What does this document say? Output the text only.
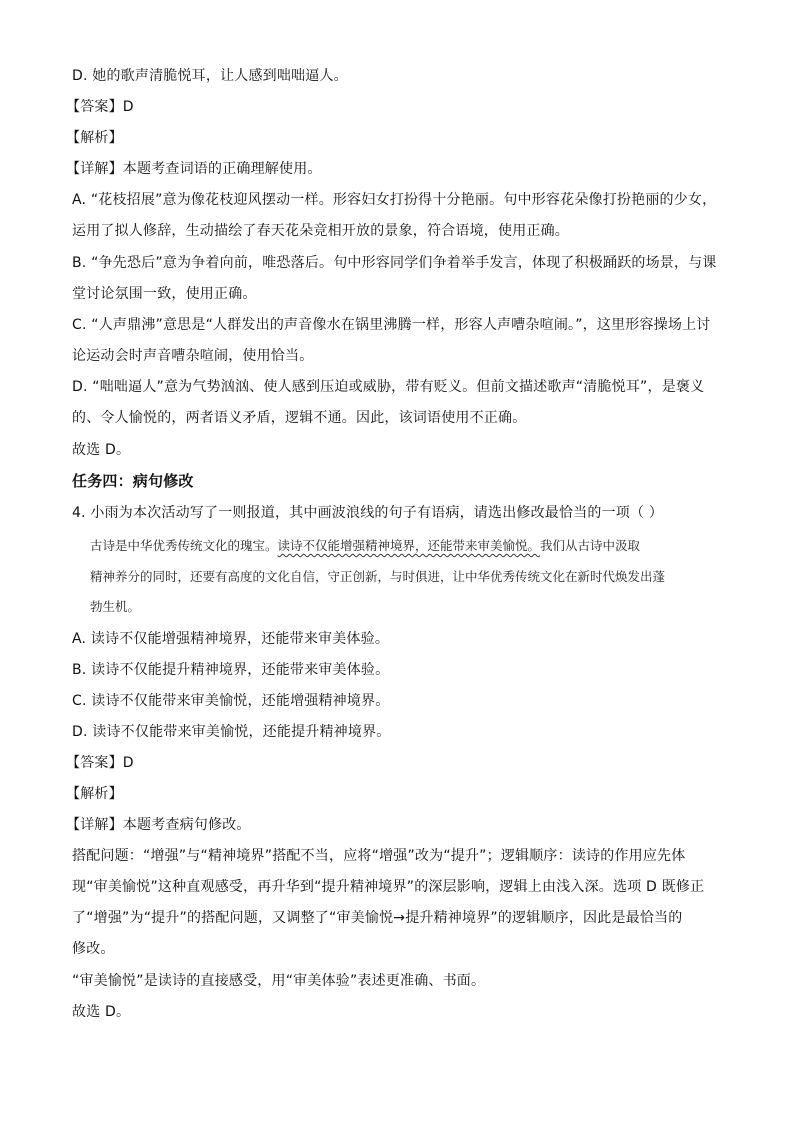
D. 她的歌声清脆悦耳，让人感到咄咄逼人。
【答案】D
【解析】
【详解】本题考查词语的正确理解使用。
A. “花枝招展”意为像花枝迎风摆动一样。形容妇女打扮得十分艳丽。句中形容花朵像打扮艳丽的少女，
运用了拟人修辞，生动描绘了春天花朵竞相开放的景象，符合语境，使用正确。
B. “争先恐后”意为争着向前，唯恐落后。句中形容同学们争着举手发言，体现了积极踊跃的场景，与课
堂讨论氛围一致，使用正确。
C. “人声鼎沸”意思是“人群发出的声音像水在锅里沸腾一样，形容人声嘈杂喧闹。”，这里形容操场上讨
论运动会时声音嘈杂喧闹，使用恰当。
D. “咄咄逼人”意为气势汹汹、使人感到压迫或威胁，带有贬义。但前文描述歌声“清脆悦耳”，是褒义
的、令人愉悦的，两者语义矛盾，逻辑不通。因此，该词语使用不正确。
故选 D。
任务四：病句修改
4. 小雨为本次活动写了一则报道，其中画波浪线的句子有语病，请选出修改最恰当的一项（ ）
古诗是中华优秀传统文化的瑰宝。读诗不仅能增强精神境界，还能带来审美愉悦。我们从古诗中汲取
精神养分的同时，还要有高度的文化自信，守正创新，与时俱进，让中华优秀传统文化在新时代焕发出蓬
勃生机。
A. 读诗不仅能增强精神境界，还能带来审美体验。
B. 读诗不仅能提升精神境界，还能带来审美体验。
C. 读诗不仅能带来审美愉悦，还能增强精神境界。
D. 读诗不仅能带来审美愉悦，还能提升精神境界。
【答案】D
【解析】
【详解】本题考查病句修改。
搭配问题：“增强”与“精神境界”搭配不当，应将“增强”改为“提升”；逻辑顺序：读诗的作用应先体
现“审美愉悦”这种直观感受，再升华到“提升精神境界”的深层影响，逻辑上由浅入深。选项 D 既修正
了“增强”为“提升”的搭配问题，又调整了“审美愉悦→提升精神境界”的逻辑顺序，因此是最恰当的
修改。
“审美愉悦”是读诗的直接感受，用“审美体验”表述更准确、书面。
故选 D。
